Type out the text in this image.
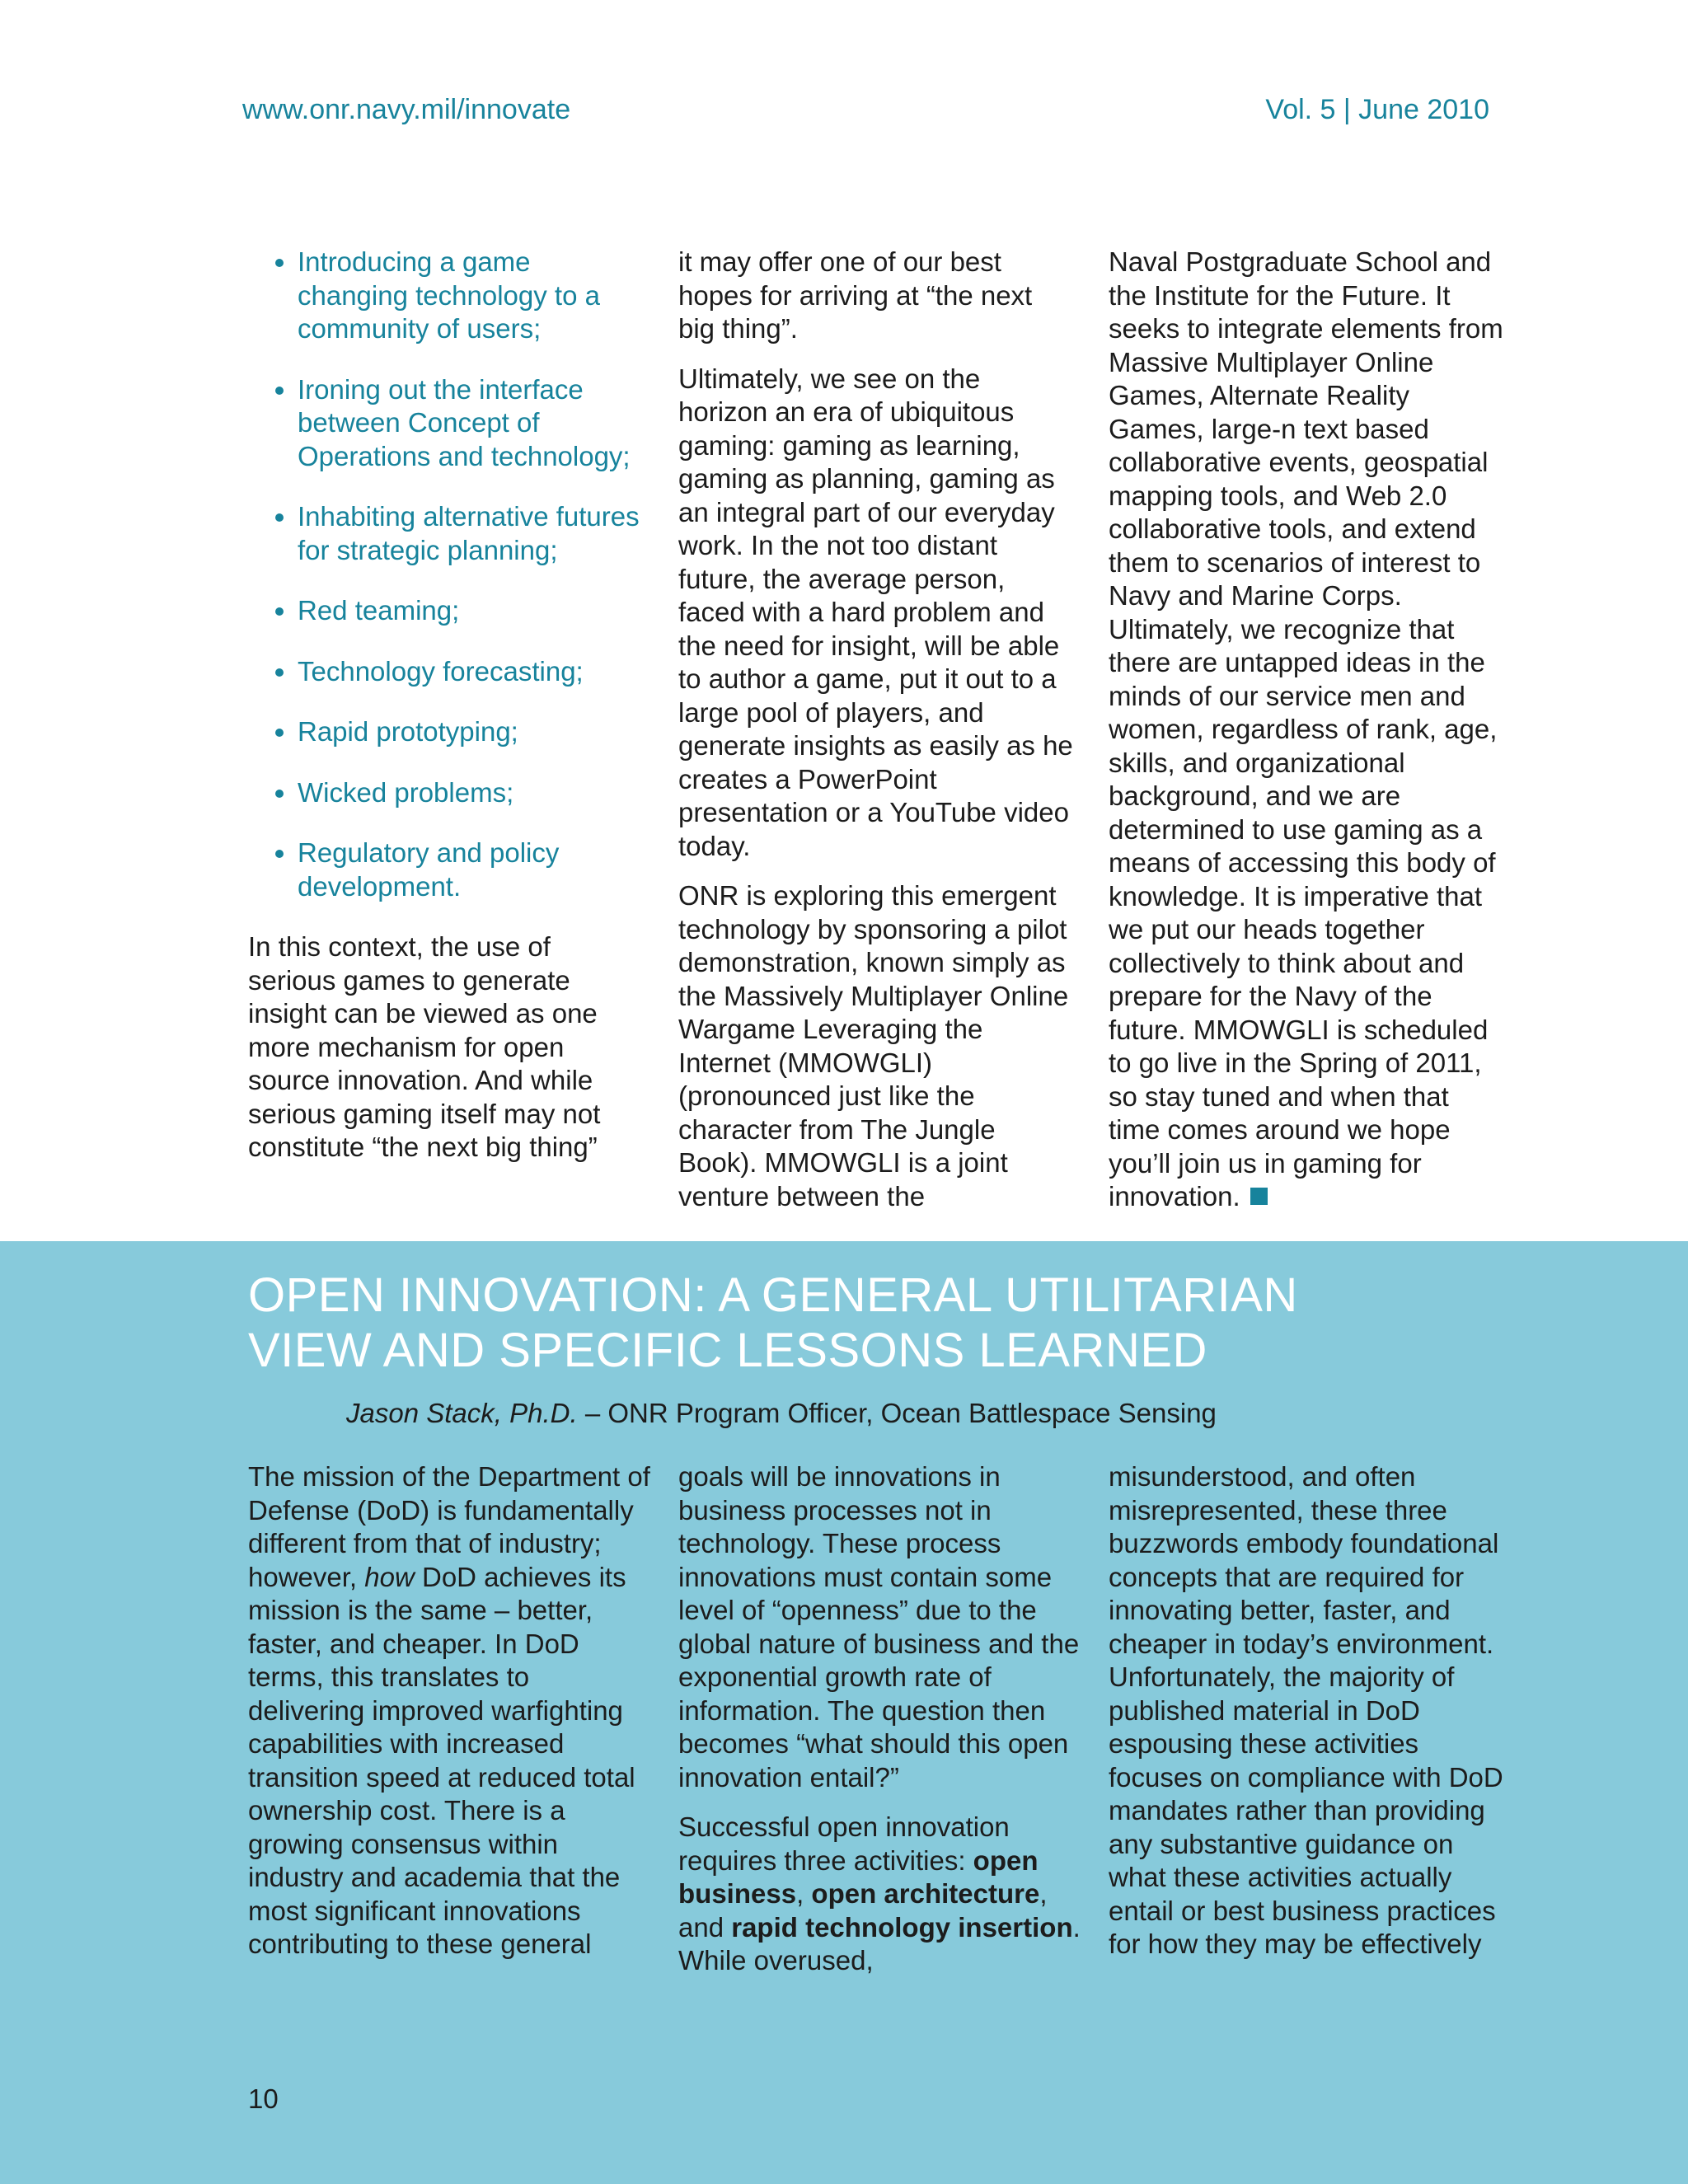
www.onr.navy.mil/innovate	Vol. 5 | June 2010
Introducing a game changing technology to a community of users;
Ironing out the interface between Concept of Operations and technology;
Inhabiting alternative futures for strategic planning;
Red teaming;
Technology forecasting;
Rapid prototyping;
Wicked problems;
Regulatory and policy development.

In this context, the use of serious games to generate insight can be viewed as one more mechanism for open source innovation. And while serious gaming itself may not constitute “the next big thing”

it may offer one of our best hopes for arriving at “the next big thing”.

Ultimately, we see on the horizon an era of ubiquitous gaming: gaming as learning, gaming as planning, gaming as an integral part of our everyday work. In the not too distant future, the average person, faced with a hard problem and the need for insight, will be able to author a game, put it out to a large pool of players, and generate insights as easily as he creates a PowerPoint presentation or a YouTube video today.

ONR is exploring this emergent technology by sponsoring a pilot demonstration, known simply as the Massively Multiplayer Online Wargame Leveraging the Internet (MMOWGLI) (pronounced just like the character from The Jungle Book). MMOWGLI is a joint venture between the

Naval Postgraduate School and the Institute for the Future. It seeks to integrate elements from Massive Multiplayer Online Games, Alternate Reality Games, large-n text based collaborative events, geospatial mapping tools, and Web 2.0 collaborative tools, and extend them to scenarios of interest to Navy and Marine Corps. Ultimately, we recognize that there are untapped ideas in the minds of our service men and women, regardless of rank, age, skills, and organizational background, and we are determined to use gaming as a means of accessing this body of knowledge. It is imperative that we put our heads together collectively to think about and prepare for the Navy of the future. MMOWGLI is scheduled to go live in the Spring of 2011, so stay tuned and when that time comes around we hope you’ll join us in gaming for innovation.

OPEN INNOVATION: A GENERAL UTILITARIAN
VIEW AND SPECIFIC LESSONS LEARNED
Jason Stack, Ph.D. – ONR Program Officer, Ocean Battlespace Sensing

The mission of the Department of Defense (DoD) is fundamentally different from that of industry; however, how DoD achieves its mission is the same – better, faster, and cheaper. In DoD terms, this translates to delivering improved warfighting capabilities with increased transition speed at reduced total ownership cost. There is a growing consensus within industry and academia that the most significant innovations contributing to these general

goals will be innovations in business processes not in technology. These process innovations must contain some level of “openness” due to the global nature of business and the exponential growth rate of information. The question then becomes “what should this open innovation entail?”

Successful open innovation requires three activities: open business, open architecture, and rapid technology insertion. While overused,

misunderstood, and often misrepresented, these three buzzwords embody foundational concepts that are required for innovating better, faster, and cheaper in today’s environment. Unfortunately, the majority of published material in DoD espousing these activities focuses on compliance with DoD mandates rather than providing any substantive guidance on what these activities actually entail or best business practices for how they may be effectively

10
